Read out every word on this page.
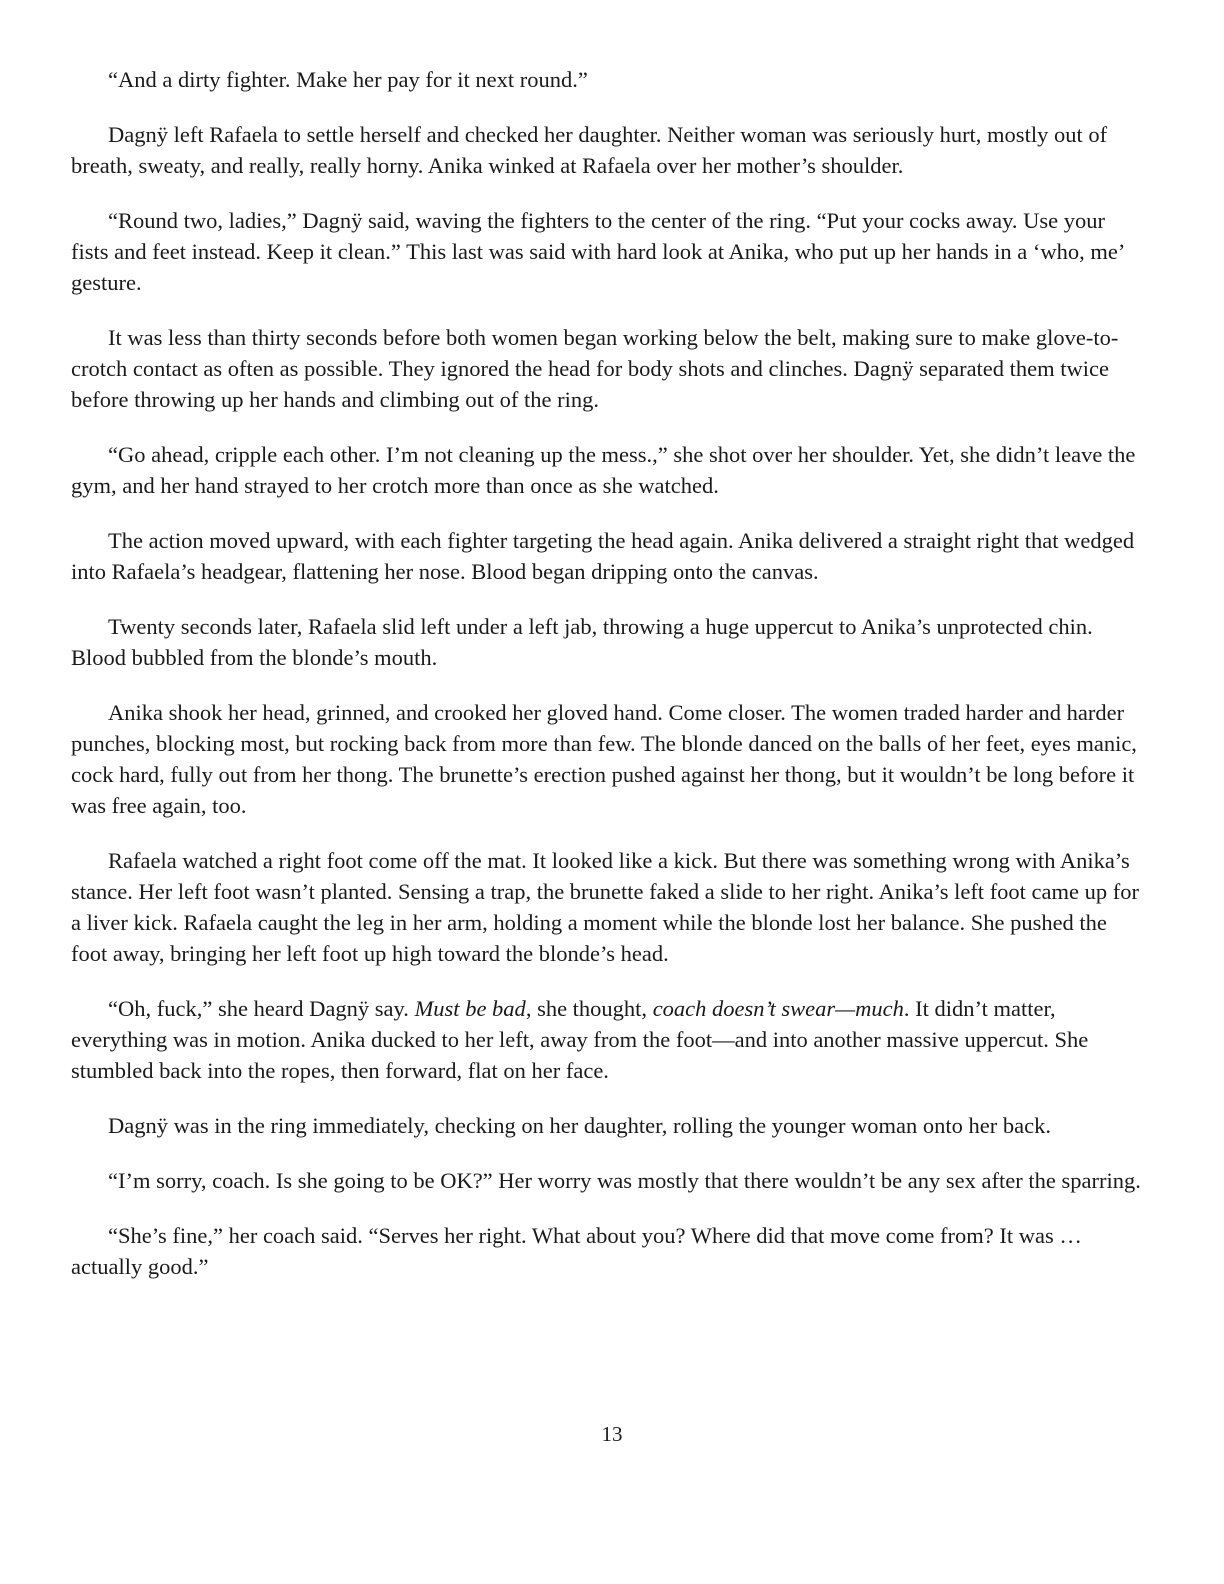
“And a dirty fighter. Make her pay for it next round.”

Dagnÿ left Rafaela to settle herself and checked her daughter. Neither woman was seriously hurt, mostly out of breath, sweaty, and really, really horny. Anika winked at Rafaela over her mother’s shoulder.

“Round two, ladies,” Dagnÿ said, waving the fighters to the center of the ring. “Put your cocks away. Use your fists and feet instead. Keep it clean.” This last was said with hard look at Anika, who put up her hands in a ‘who, me’ gesture.

It was less than thirty seconds before both women began working below the belt, making sure to make glove-to-crotch contact as often as possible. They ignored the head for body shots and clinches. Dagnÿ separated them twice before throwing up her hands and climbing out of the ring.

“Go ahead, cripple each other. I’m not cleaning up the mess.,” she shot over her shoulder. Yet, she didn’t leave the gym, and her hand strayed to her crotch more than once as she watched.

The action moved upward, with each fighter targeting the head again. Anika delivered a straight right that wedged into Rafaela’s headgear, flattening her nose. Blood began dripping onto the canvas.

Twenty seconds later, Rafaela slid left under a left jab, throwing a huge uppercut to Anika’s unprotected chin. Blood bubbled from the blonde’s mouth.

Anika shook her head, grinned, and crooked her gloved hand. Come closer. The women traded harder and harder punches, blocking most, but rocking back from more than few. The blonde danced on the balls of her feet, eyes manic, cock hard, fully out from her thong. The brunette’s erection pushed against her thong, but it wouldn’t be long before it was free again, too.

Rafaela watched a right foot come off the mat. It looked like a kick. But there was something wrong with Anika’s stance. Her left foot wasn’t planted. Sensing a trap, the brunette faked a slide to her right. Anika’s left foot came up for a liver kick. Rafaela caught the leg in her arm, holding a moment while the blonde lost her balance. She pushed the foot away, bringing her left foot up high toward the blonde’s head.

“Oh, fuck,” she heard Dagnÿ say. Must be bad, she thought, coach doesn’t swear—much. It didn’t matter, everything was in motion. Anika ducked to her left, away from the foot—and into another massive uppercut. She stumbled back into the ropes, then forward, flat on her face.

Dagnÿ was in the ring immediately, checking on her daughter, rolling the younger woman onto her back.

“I’m sorry, coach. Is she going to be OK?” Her worry was mostly that there wouldn’t be any sex after the sparring.

“She’s fine,” her coach said. “Serves her right. What about you? Where did that move come from? It was … actually good.”

13
